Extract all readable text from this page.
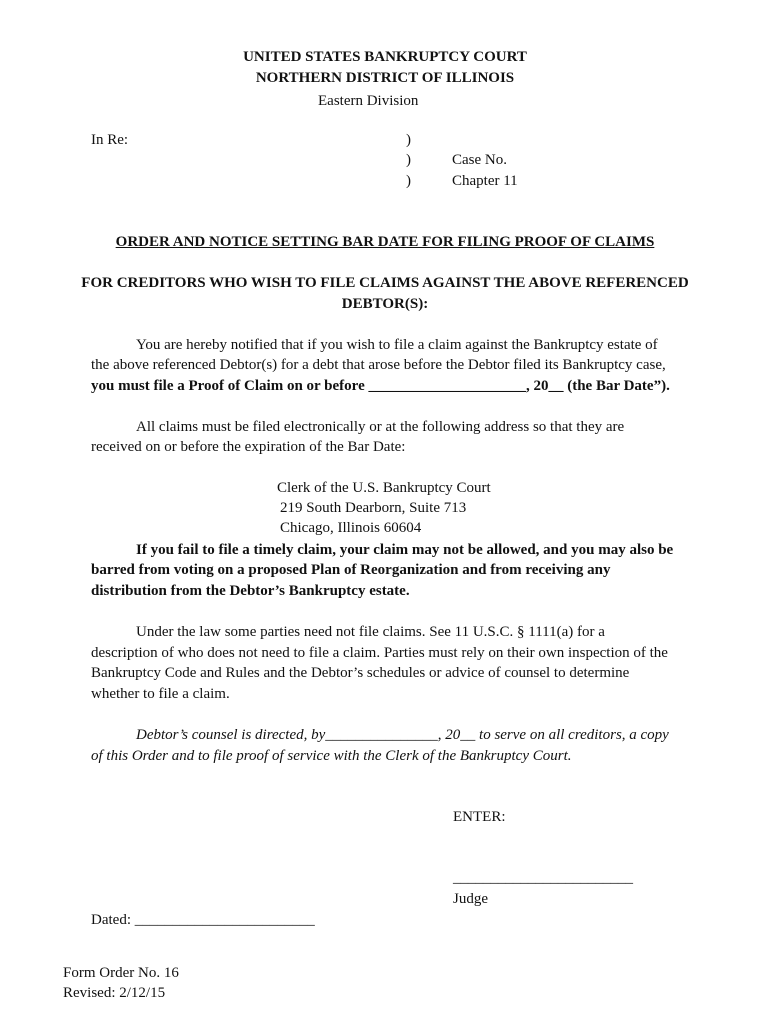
UNITED STATES BANKRUPTCY COURT
NORTHERN DISTRICT OF ILLINOIS
Eastern Division
In Re:	)
)
)
Case No.
Chapter 11
ORDER AND NOTICE SETTING BAR DATE FOR FILING PROOF OF CLAIMS
FOR CREDITORS WHO WISH TO FILE CLAIMS AGAINST THE ABOVE REFERENCED
DEBTOR(S):
You are hereby notified that if you wish to file a claim against the Bankruptcy estate of
the above referenced Debtor(s) for a debt that arose before the Debtor filed its Bankruptcy case,
you must file a Proof of Claim on or before _____________________, 20__ (the Bar Date”).
All claims must be filed electronically or at the following address so that they are
received on or before the expiration of the Bar Date:
Clerk of the U.S. Bankruptcy Court
219 South Dearborn, Suite 713
Chicago, Illinois 60604
If you fail to file a timely claim, your claim may not be allowed, and you may also be
barred from voting on a proposed Plan of Reorganization and from receiving any
distribution from the Debtor’s Bankruptcy estate.
Under the law some parties need not file claims. See 11 U.S.C. § 1111(a) for a
description of who does not need to file a claim. Parties must rely on their own inspection of the
Bankruptcy Code and Rules and the Debtor’s schedules or advice of counsel to determine
whether to file a claim.
Debtor’s counsel is directed, by_______________, 20__ to serve on all creditors, a copy
of this Order and to file proof of service with the Clerk of the Bankruptcy Court.
ENTER:
________________________
Judge
Dated: ________________________
Form Order No. 16
Revised: 2/12/15
